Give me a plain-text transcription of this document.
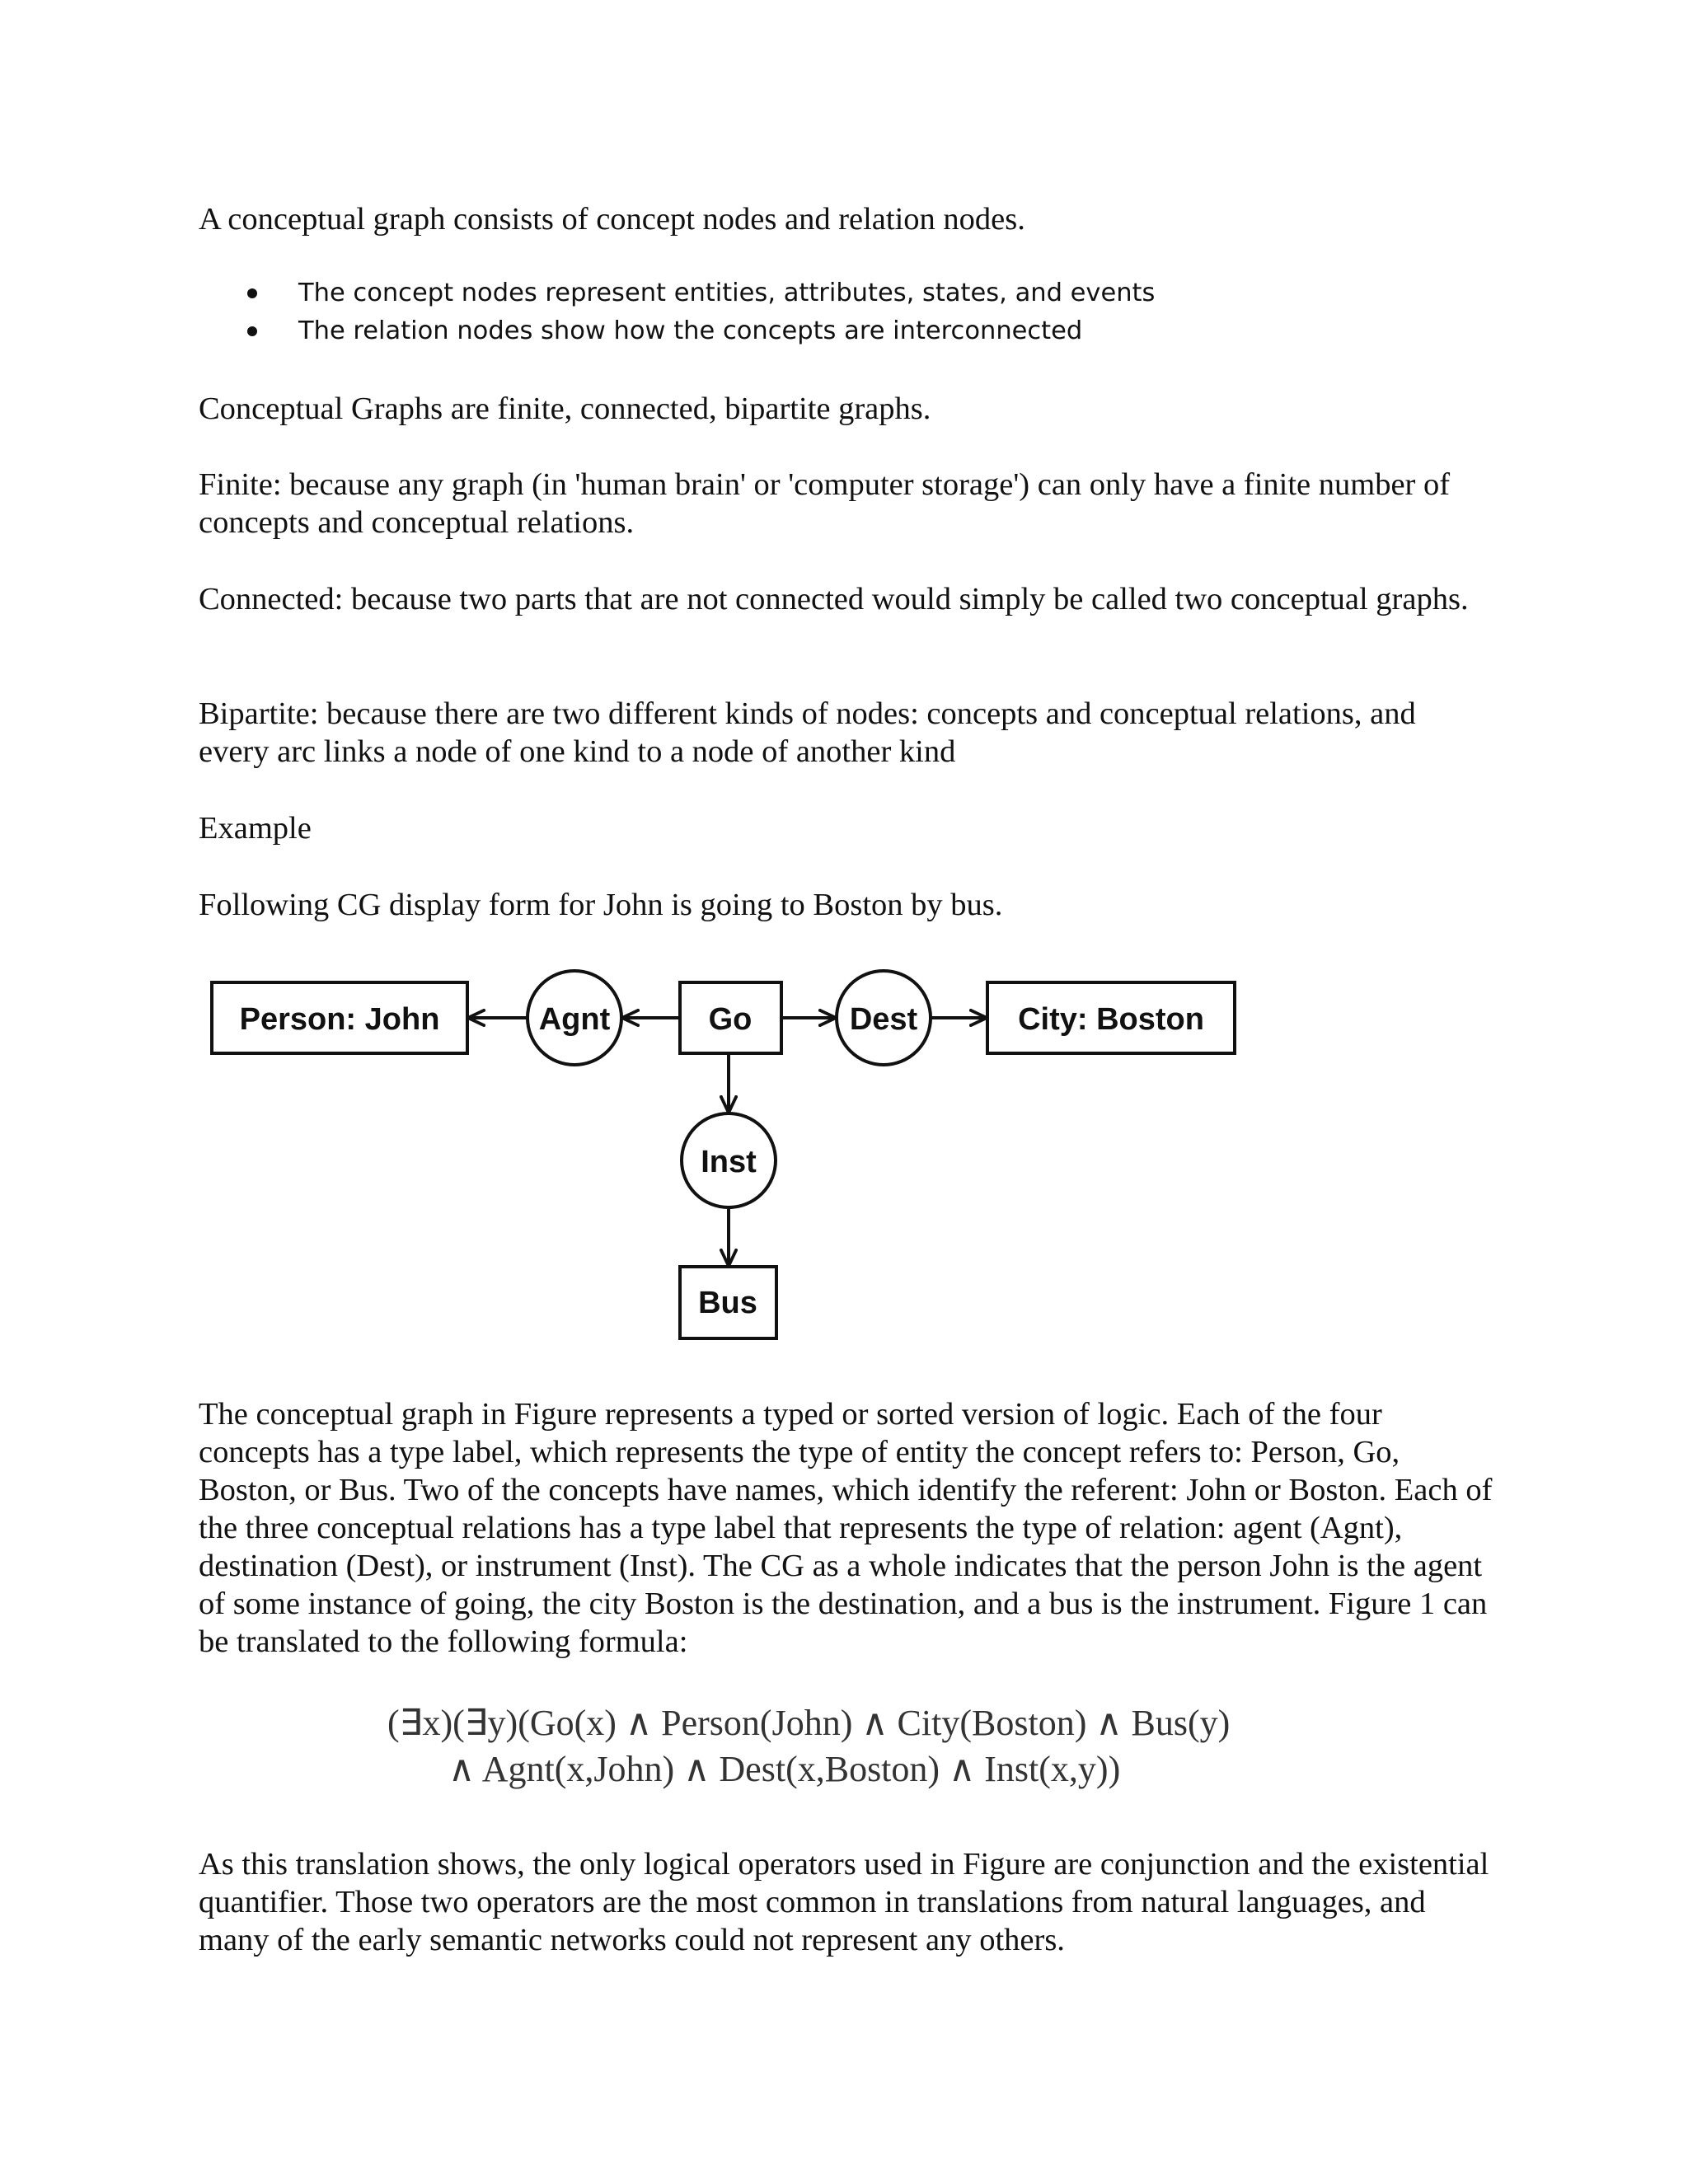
A conceptual graph consists of concept nodes and relation nodes.

The concept nodes represent entities, attributes, states, and events
The relation nodes show how the concepts are interconnected

Conceptual Graphs are finite, connected, bipartite graphs.

Finite: because any graph (in 'human brain' or 'computer storage') can only have a finite number of concepts and conceptual relations.

Connected: because two parts that are not connected would simply be called two conceptual graphs.

Bipartite: because there are two different kinds of nodes: concepts and conceptual relations, and every arc links a node of one kind to a node of another kind

Example

Following CG display form for John is going to Boston by bus.

Person: John	Agnt	Go	Dest	City: Boston
Inst
Bus

The conceptual graph in Figure represents a typed or sorted version of logic. Each of the four concepts has a type label, which represents the type of entity the concept refers to: Person, Go, Boston, or Bus. Two of the concepts have names, which identify the referent: John or Boston. Each of the three conceptual relations has a type label that represents the type of relation: agent (Agnt), destination (Dest), or instrument (Inst). The CG as a whole indicates that the person John is the agent of some instance of going, the city Boston is the destination, and a bus is the instrument. Figure 1 can be translated to the following formula:

(∃x)(∃y)(Go(x) ∧ Person(John) ∧ City(Boston) ∧ Bus(y)
∧ Agnt(x,John) ∧ Dest(x,Boston) ∧ Inst(x,y))

As this translation shows, the only logical operators used in Figure are conjunction and the existential quantifier. Those two operators are the most common in translations from natural languages, and many of the early semantic networks could not represent any others.
